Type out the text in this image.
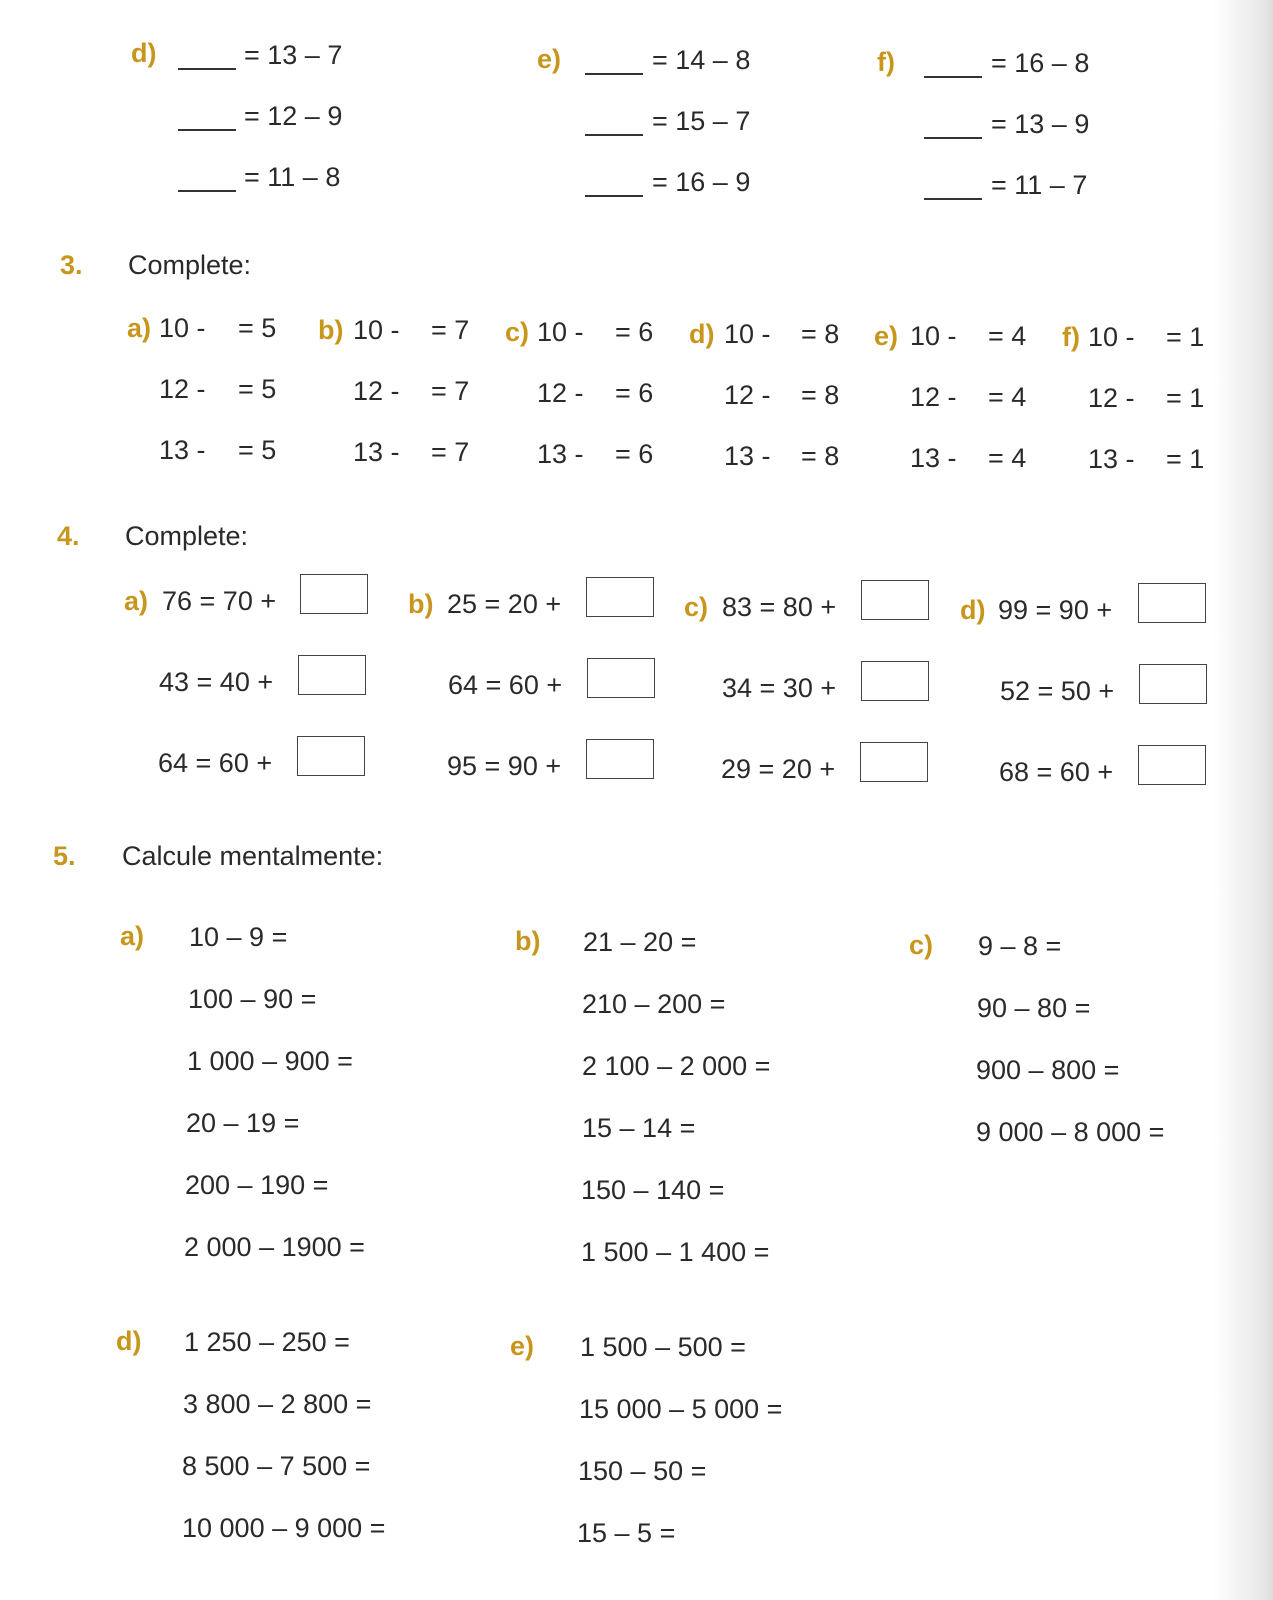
d)	= 13 – 7
= 12 – 9
= 11 – 8
e)	= 14 – 8
= 15 – 7
= 16 – 9
f)	= 16 – 8
= 13 – 9
= 11 – 7
3. Complete:
a) 10 - = 5
12 - = 5
13 - = 5
b) 10 - = 7
12 - = 7
13 - = 7
c) 10 - = 6
12 - = 6
13 - = 6
d) 10 - = 8
12 - = 8
13 - = 8
e) 10 - = 4
12 - = 4
13 - = 4
f) 10 - = 1
12 - = 1
13 - = 1
4. Complete:
a) 76 = 70 +
43 = 40 +
64 = 60 +
b) 25 = 20 +
64 = 60 +
95 = 90 +
c) 83 = 80 +
34 = 30 +
29 = 20 +
d) 99 = 90 +
52 = 50 +
68 = 60 +
5. Calcule mentalmente:
a) 10 – 9 =
100 – 90 =
1 000 – 900 =
20 – 19 =
200 – 190 =
2 000 – 1900 =
b) 21 – 20 =
210 – 200 =
2 100 – 2 000 =
15 – 14 =
150 – 140 =
1 500 – 1 400 =
c) 9 – 8 =
90 – 80 =
900 – 800 =
9 000 – 8 000 =
d) 1 250 – 250 =
3 800 – 2 800 =
8 500 – 7 500 =
10 000 – 9 000 =
e) 1 500 – 500 =
15 000 – 5 000 =
150 – 50 =
15 – 5 =
